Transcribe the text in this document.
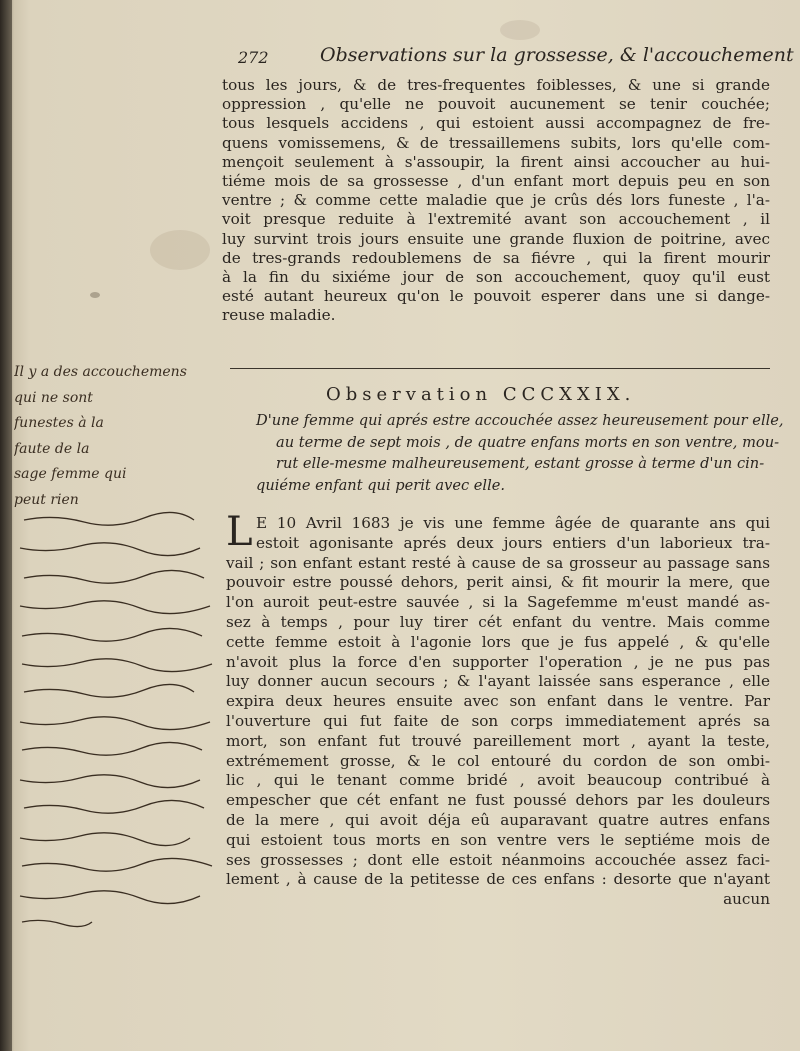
272	Observations sur la grossesse, & l'accouchement
tous les jours, & de tres-frequentes foiblesses, & une si grande
oppression , qu'elle ne pouvoit aucunement se tenir couchée;
tous lesquels accidens , qui estoient aussi accompagnez de fre-
quens vomissemens, & de tressaillemens subits, lors qu'elle com-
mençoit seulement à s'assoupir, la firent ainsi accoucher au hui-
tiéme mois de sa grossesse , d'un enfant mort depuis peu en son
ventre ; & comme cette maladie que je crûs dés lors funeste , l'a-
voit presque reduite à l'extremité avant son accouchement , il
luy survint trois jours ensuite une grande fluxion de poitrine, avec
de tres-grands redoublemens de sa fiévre , qui la firent mourir
à la fin du sixiéme jour de son accouchement, quoy qu'il eust
esté autant heureux qu'on le pouvoit esperer dans une si dange-
reuse maladie.
Observation CCCXXIX.
D'une femme qui aprés estre accouchée assez heureusement pour elle,
au terme de sept mois , de quatre enfans morts en son ventre, mou-
rut elle-mesme malheureusement, estant grosse à terme d'un cin-
quiéme enfant qui perit avec elle.
L E 10 Avril 1683 je vis une femme âgée de quarante ans qui
estoit agonisante aprés deux jours entiers d'un laborieux tra-
vail ; son enfant estant resté à cause de sa grosseur au passage sans
pouvoir estre poussé dehors, perit ainsi, & fit mourir la mere, que
l'on auroit peut-estre sauvée , si la Sagefemme m'eust mandé as-
sez à temps , pour luy tirer cét enfant du ventre. Mais comme
cette femme estoit à l'agonie lors que je fus appelé , & qu'elle
n'avoit plus la force d'en supporter l'operation , je ne pus pas
luy donner aucun secours ; & l'ayant laissée sans esperance , elle
expira deux heures ensuite avec son enfant dans le ventre. Par
l'ouverture qui fut faite de son corps immediatement aprés sa
mort, son enfant fut trouvé pareillement mort , ayant la teste,
extrémement grosse, & le col entouré du cordon de son ombi-
lic , qui le tenant comme bridé , avoit beaucoup contribué à
empescher que cét enfant ne fust poussé dehors par les douleurs
de la mere , qui avoit déja eû auparavant quatre autres enfans
qui estoient tous morts en son ventre vers le septiéme mois de
ses grossesses ; dont elle estoit néanmoins accouchée assez faci-
lement , à cause de la petitesse de ces enfans : desorte que n'ayant
aucun
Il y a des accouchemens
qui ne sont
funestes à la
faute de la
sage femme qui
peut rien
